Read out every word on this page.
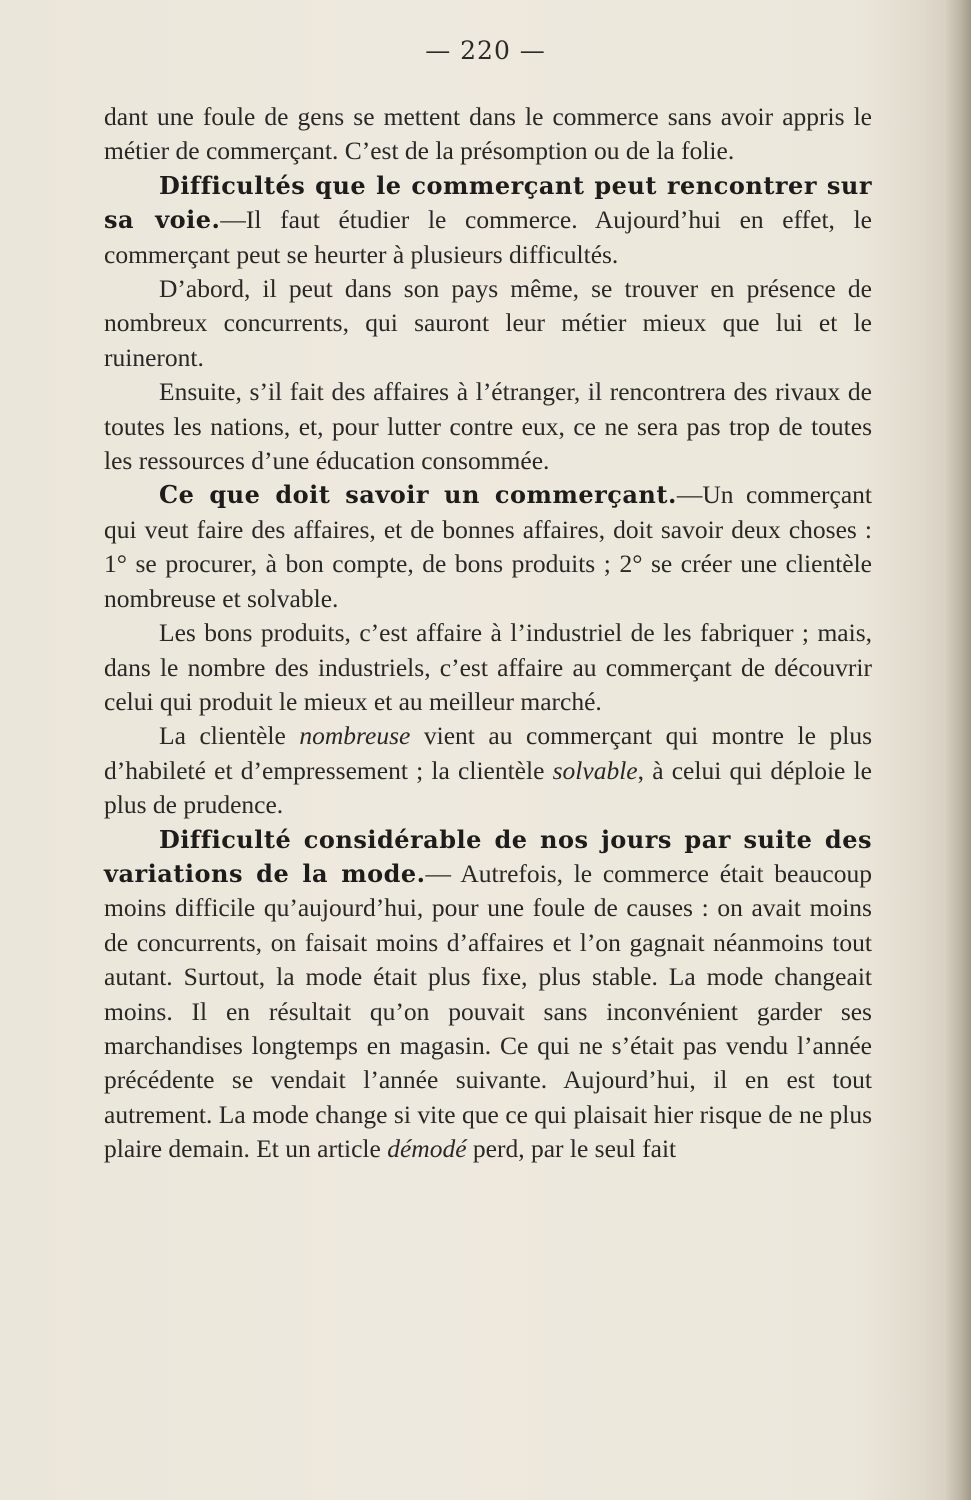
— 220 —

dant une foule de gens se mettent dans le commerce sans avoir appris le métier de commerçant. C’est de la présomption ou de la folie.

Difficultés que le commerçant peut rencontrer sur sa voie.—Il faut étudier le commerce. Aujourd’hui en effet, le commerçant peut se heurter à plusieurs difficultés.

D’abord, il peut dans son pays même, se trouver en présence de nombreux concurrents, qui sauront leur métier mieux que lui et le ruineront.

Ensuite, s’il fait des affaires à l’étranger, il rencontrera des rivaux de toutes les nations, et, pour lutter contre eux, ce ne sera pas trop de toutes les ressources d’une éducation consommée.

Ce que doit savoir un commerçant.—Un commerçant qui veut faire des affaires, et de bonnes affaires, doit savoir deux choses : 1° se procurer, à bon compte, de bons produits ; 2° se créer une clientèle nombreuse et solvable.

Les bons produits, c’est affaire à l’industriel de les fabriquer ; mais, dans le nombre des industriels, c’est affaire au commerçant de découvrir celui qui produit le mieux et au meilleur marché.

La clientèle nombreuse vient au commerçant qui montre le plus d’habileté et d’empressement ; la clientèle solvable, à celui qui déploie le plus de prudence.

Difficulté considérable de nos jours par suite des variations de la mode.— Autrefois, le commerce était beaucoup moins difficile qu’aujourd’hui, pour une foule de causes : on avait moins de concurrents, on faisait moins d’affaires et l’on gagnait néanmoins tout autant. Surtout, la mode était plus fixe, plus stable. La mode changeait moins. Il en résultait qu’on pouvait sans inconvénient garder ses marchandises longtemps en magasin. Ce qui ne s’était pas vendu l’année précédente se vendait l’année suivante. Aujourd’hui, il en est tout autrement. La mode change si vite que ce qui plaisait hier risque de ne plus plaire demain. Et un article démodé perd, par le seul fait
